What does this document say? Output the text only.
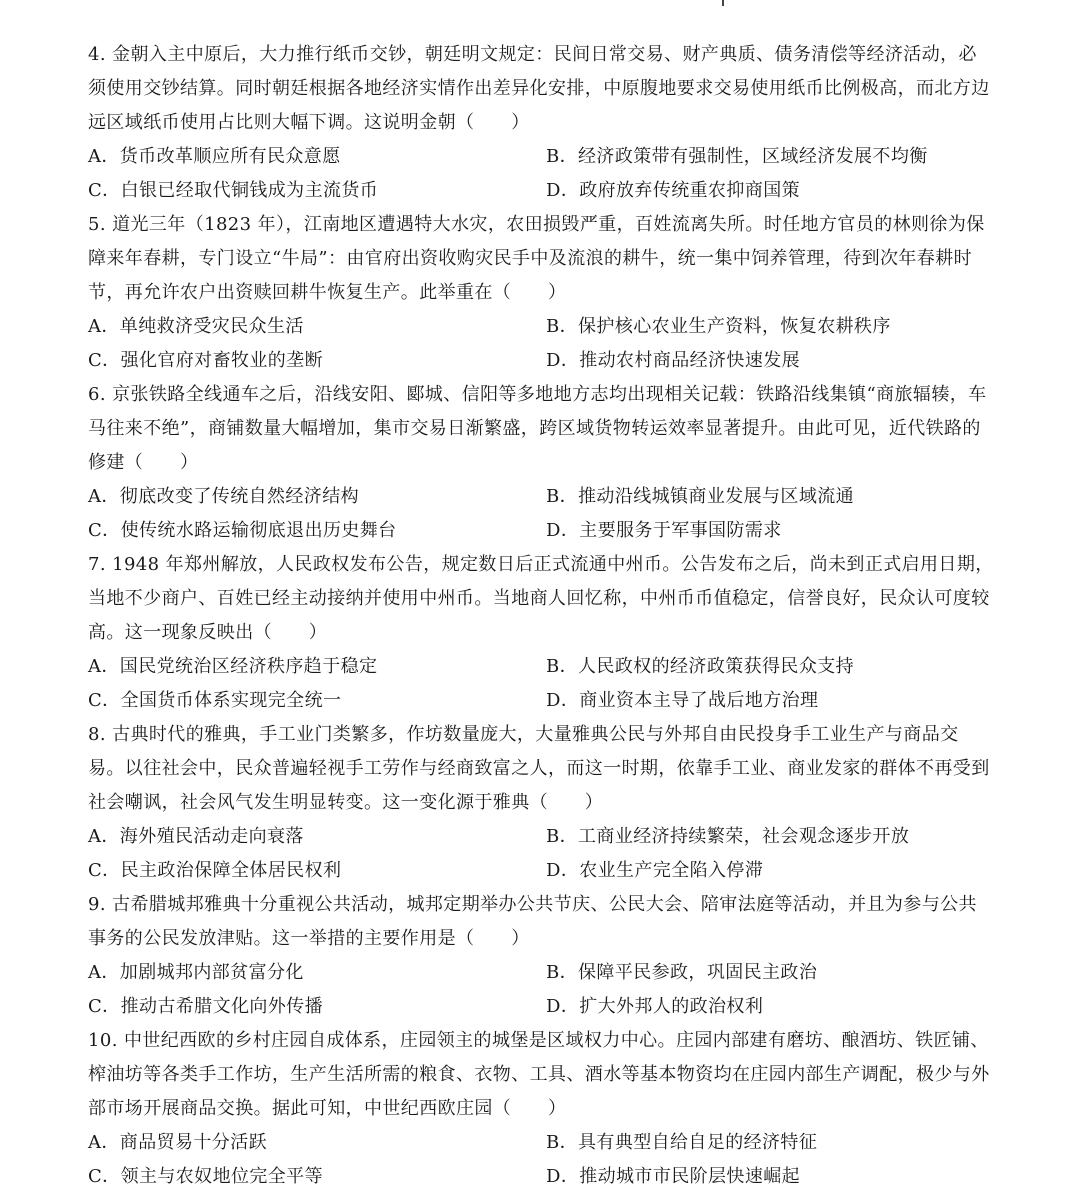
4. 金朝入主中原后，大力推行纸币交钞，朝廷明文规定：民间日常交易、财产典质、债务清偿等经济活动，必须使用交钞结算。同时朝廷根据各地经济实情作出差异化安排，中原腹地要求交易使用纸币比例极高，而北方边远区域纸币使用占比则大幅下调。这说明金朝（　　）

A．货币改革顺应所有民众意愿	B．经济政策带有强制性，区域经济发展不均衡
C．白银已经取代铜钱成为主流货币	D．政府放弃传统重农抑商国策

5. 道光三年（1823 年），江南地区遭遇特大水灾，农田损毁严重，百姓流离失所。时任地方官员的林则徐为保障来年春耕，专门设立“牛局”：由官府出资收购灾民手中及流浪的耕牛，统一集中饲养管理，待到次年春耕时节，再允许农户出资赎回耕牛恢复生产。此举重在（　　）

A．单纯救济受灾民众生活	B．保护核心农业生产资料，恢复农耕秩序
C．强化官府对畜牧业的垄断	D．推动农村商品经济快速发展

6. 京张铁路全线通车之后，沿线安阳、郾城、信阳等多地地方志均出现相关记载：铁路沿线集镇“商旅辐辏，车马往来不绝”，商铺数量大幅增加，集市交易日渐繁盛，跨区域货物转运效率显著提升。由此可见，近代铁路的修建（　　）

A．彻底改变了传统自然经济结构	B．推动沿线城镇商业发展与区域流通
C．使传统水路运输彻底退出历史舞台	D．主要服务于军事国防需求

7. 1948 年郑州解放，人民政权发布公告，规定数日后正式流通中州币。公告发布之后，尚未到正式启用日期，当地不少商户、百姓已经主动接纳并使用中州币。当地商人回忆称，中州币币值稳定，信誉良好，民众认可度较高。这一现象反映出（　　）

A．国民党统治区经济秩序趋于稳定	B．人民政权的经济政策获得民众支持
C．全国货币体系实现完全统一	D．商业资本主导了战后地方治理

8. 古典时代的雅典，手工业门类繁多，作坊数量庞大，大量雅典公民与外邦自由民投身手工业生产与商品交易。以往社会中，民众普遍轻视手工劳作与经商致富之人，而这一时期，依靠手工业、商业发家的群体不再受到社会嘲讽，社会风气发生明显转变。这一变化源于雅典（　　）

A．海外殖民活动走向衰落	B．工商业经济持续繁荣，社会观念逐步开放
C．民主政治保障全体居民权利	D．农业生产完全陷入停滞

9. 古希腊城邦雅典十分重视公共活动，城邦定期举办公共节庆、公民大会、陪审法庭等活动，并且为参与公共事务的公民发放津贴。这一举措的主要作用是（　　）

A．加剧城邦内部贫富分化	B．保障平民参政，巩固民主政治
C．推动古希腊文化向外传播	D．扩大外邦人的政治权利

10. 中世纪西欧的乡村庄园自成体系，庄园领主的城堡是区域权力中心。庄园内部建有磨坊、酿酒坊、铁匠铺、榨油坊等各类手工作坊，生产生活所需的粮食、衣物、工具、酒水等基本物资均在庄园内部生产调配，极少与外部市场开展商品交换。据此可知，中世纪西欧庄园（　　）

A．商品贸易十分活跃	B．具有典型自给自足的经济特征
C．领主与农奴地位完全平等	D．推动城市市民阶层快速崛起
